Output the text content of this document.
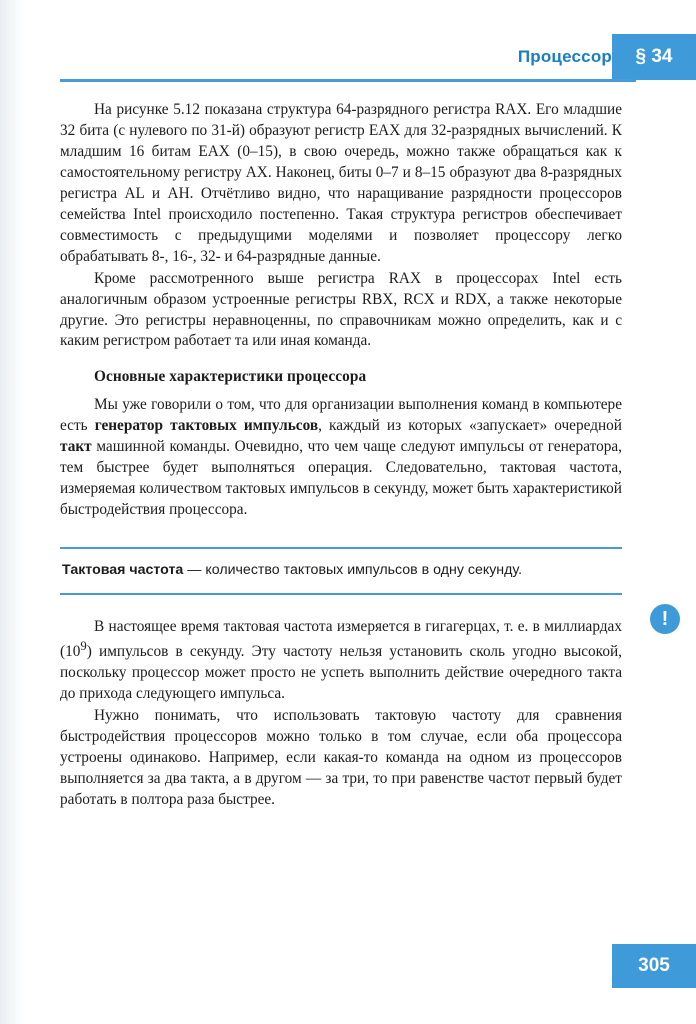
Процессор	§ 34

На рисунке 5.12 показана структура 64-разрядного регистра RAX. Его младшие 32 бита (с нулевого по 31-й) образуют регистр EAX для 32-разрядных вычислений. К младшим 16 битам EAX (0–15), в свою очередь, можно также обращаться как к самостоятельному регистру AX. Наконец, биты 0–7 и 8–15 образуют два 8-разрядных регистра AL и AH. Отчётливо видно, что наращивание разрядности процессоров семейства Intel происходило постепенно. Такая структура регистров обеспечивает совместимость с предыдущими моделями и позволяет процессору легко обрабатывать 8-, 16-, 32- и 64-разрядные данные.

Кроме рассмотренного выше регистра RAX в процессорах Intel есть аналогичным образом устроенные регистры RBX, RCX и RDX, а также некоторые другие. Это регистры неравноценны, по справочникам можно определить, как и с каким регистром работает та или иная команда.

Основные характеристики процессора

Мы уже говорили о том, что для организации выполнения команд в компьютере есть генератор тактовых импульсов, каждый из которых «запускает» очередной такт машинной команды. Очевидно, что чем чаще следуют импульсы от генератора, тем быстрее будет выполняться операция. Следовательно, тактовая частота, измеряемая количеством тактовых импульсов в секунду, может быть характеристикой быстродействия процессора.

Тактовая частота — количество тактовых импульсов в одну секунду.

В настоящее время тактовая частота измеряется в гигагерцах, т. е. в миллиардах $(10^9)$ импульсов в секунду. Эту частоту нельзя установить сколь угодно высокой, поскольку процессор может просто не успеть выполнить действие очередного такта до прихода следующего импульса.

Нужно понимать, что использовать тактовую частоту для сравнения быстродействия процессоров можно только в том случае, если оба процессора устроены одинаково. Например, если какая-то команда на одном из процессоров выполняется за два такта, а в другом — за три, то при равенстве частот первый будет работать в полтора раза быстрее.

!
305
